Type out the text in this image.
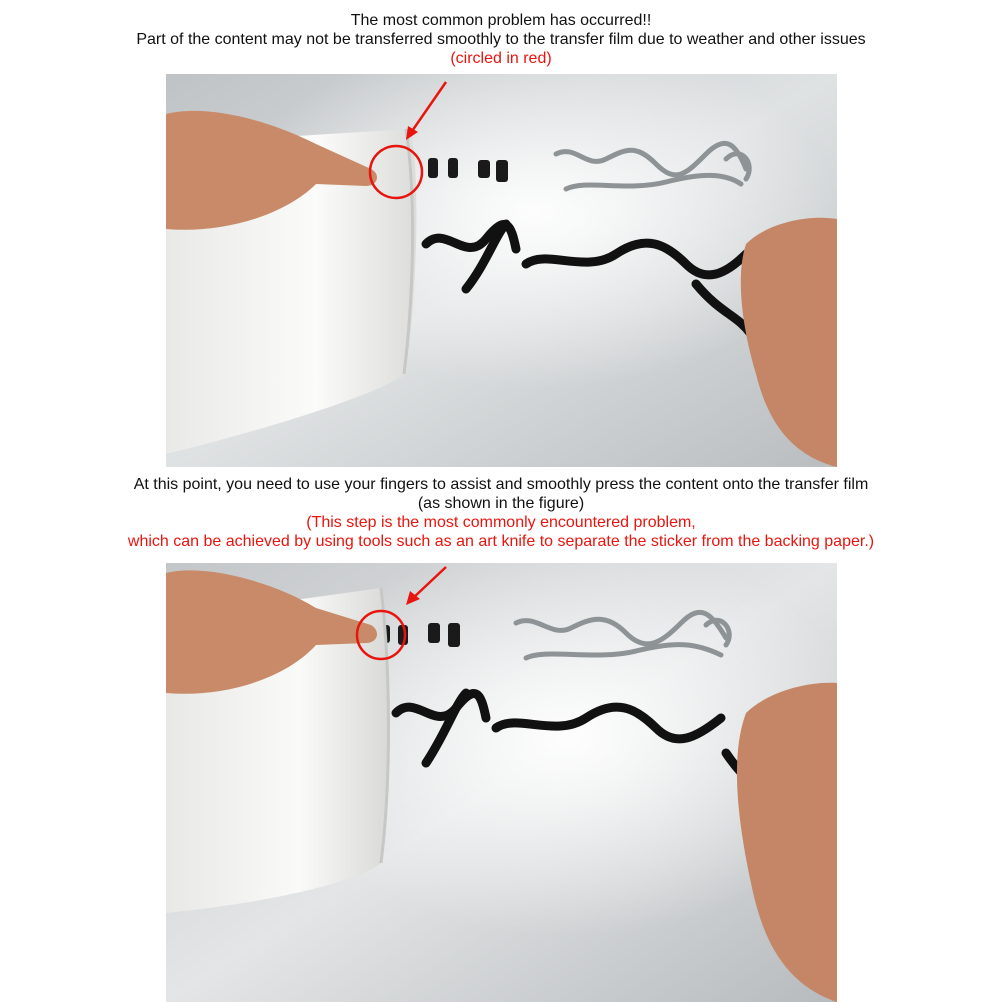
The most common problem has occurred!!
Part of the content may not be transferred smoothly to the transfer film due to weather and other issues
(circled in red)
At this point, you need to use your fingers to assist and smoothly press the content onto the transfer film
(as shown in the figure)
(This step is the most commonly encountered problem,
which can be achieved by using tools such as an art knife to separate the sticker from the backing paper.)
